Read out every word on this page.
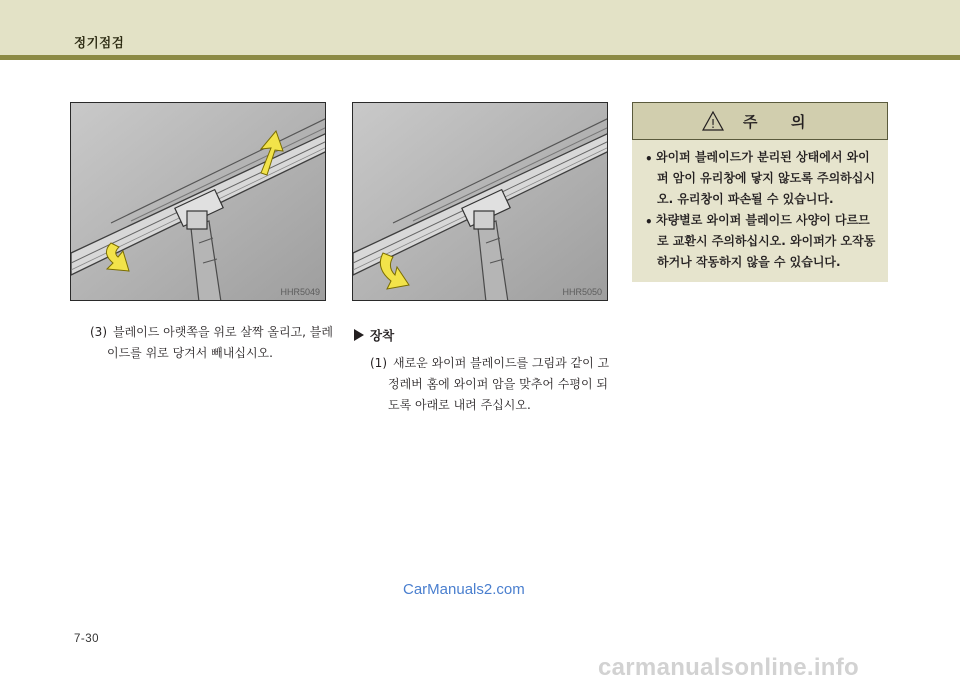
정기점검
HHR5049	HHR5050
(3) 블레이드 아랫쪽을 위로 살짝 올리고, 블레
이드를 위로 당겨서 빼내십시오.
장착
(1) 새로운 와이퍼 블레이드를 그림과 같이 고
정레버 홈에 와이퍼 암을 맞추어 수평이 되
도록 아래로 내려 주십시오.
! 주 의
• 와이퍼 블레이드가 분리된 상태에서 와이
퍼 암이 유리창에 닿지 않도록 주의하십시
오. 유리창이 파손될 수 있습니다.
• 차량별로 와이퍼 블레이드 사양이 다르므
로 교환시 주의하십시오. 와이퍼가 오작동
하거나 작동하지 않을 수 있습니다.
CarManuals2.com
7-30
carmanualsonline.info
